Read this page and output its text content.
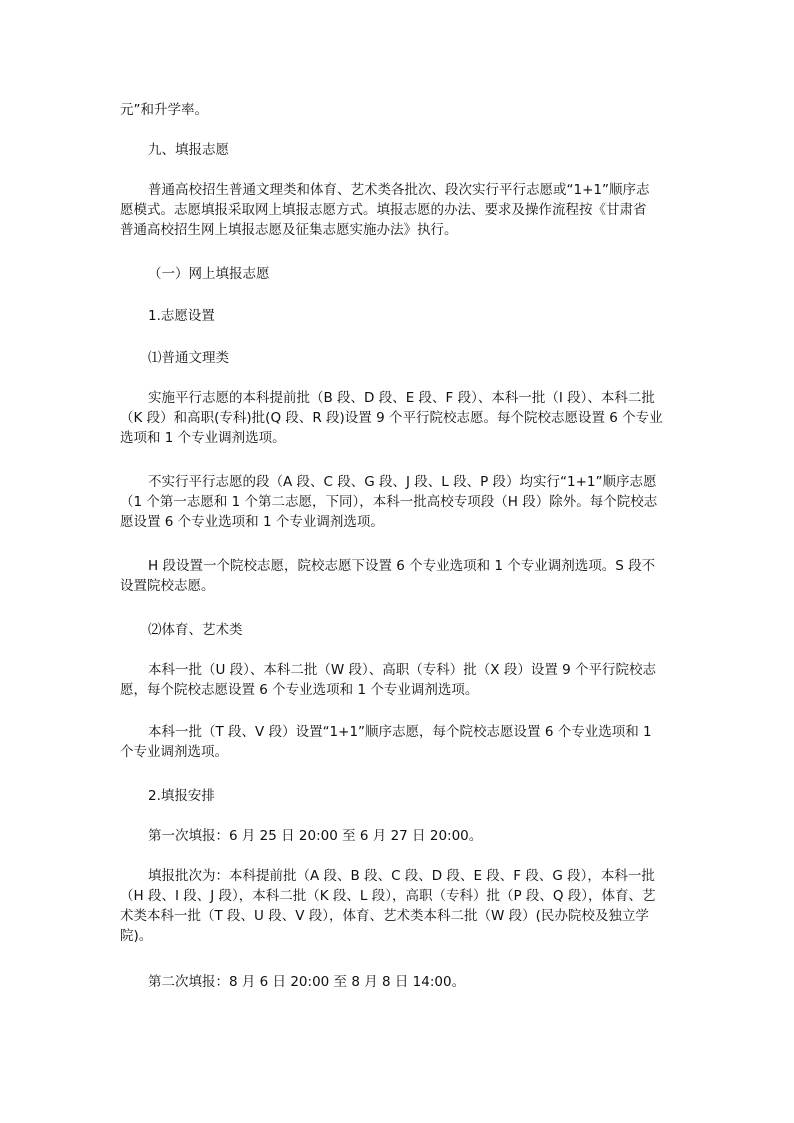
元”和升学率。
九、填报志愿
普通高校招生普通文理类和体育、艺术类各批次、段次实行平行志愿或“1+1”顺序志
愿模式。志愿填报采取网上填报志愿方式。填报志愿的办法、要求及操作流程按《甘肃省
普通高校招生网上填报志愿及征集志愿实施办法》执行。
（一）网上填报志愿
1.志愿设置
⑴普通文理类
实施平行志愿的本科提前批（B 段、D 段、E 段、F 段）、本科一批（I 段）、本科二批
（K 段）和高职(专科)批(Q 段、R 段)设置 9 个平行院校志愿。每个院校志愿设置 6 个专业
选项和 1 个专业调剂选项。
不实行平行志愿的段（A 段、C 段、G 段、J 段、L 段、P 段）均实行“1+1”顺序志愿
（1 个第一志愿和 1 个第二志愿，下同），本科一批高校专项段（H 段）除外。每个院校志
愿设置 6 个专业选项和 1 个专业调剂选项。
H 段设置一个院校志愿，院校志愿下设置 6 个专业选项和 1 个专业调剂选项。S 段不
设置院校志愿。
⑵体育、艺术类
本科一批（U 段）、本科二批（W 段）、高职（专科）批（X 段）设置 9 个平行院校志
愿，每个院校志愿设置 6 个专业选项和 1 个专业调剂选项。
本科一批（T 段、V 段）设置“1+1”顺序志愿，每个院校志愿设置 6 个专业选项和 1
个专业调剂选项。
2.填报安排
第一次填报：6 月 25 日 20:00 至 6 月 27 日 20:00。
填报批次为：本科提前批（A 段、B 段、C 段、D 段、E 段、F 段、G 段），本科一批
（H 段、I 段、J 段），本科二批（K 段、L 段），高职（专科）批（P 段、Q 段），体育、艺
术类本科一批（T 段、U 段、V 段），体育、艺术类本科二批（W 段）(民办院校及独立学
院)。
第二次填报：8 月 6 日 20:00 至 8 月 8 日 14:00。
